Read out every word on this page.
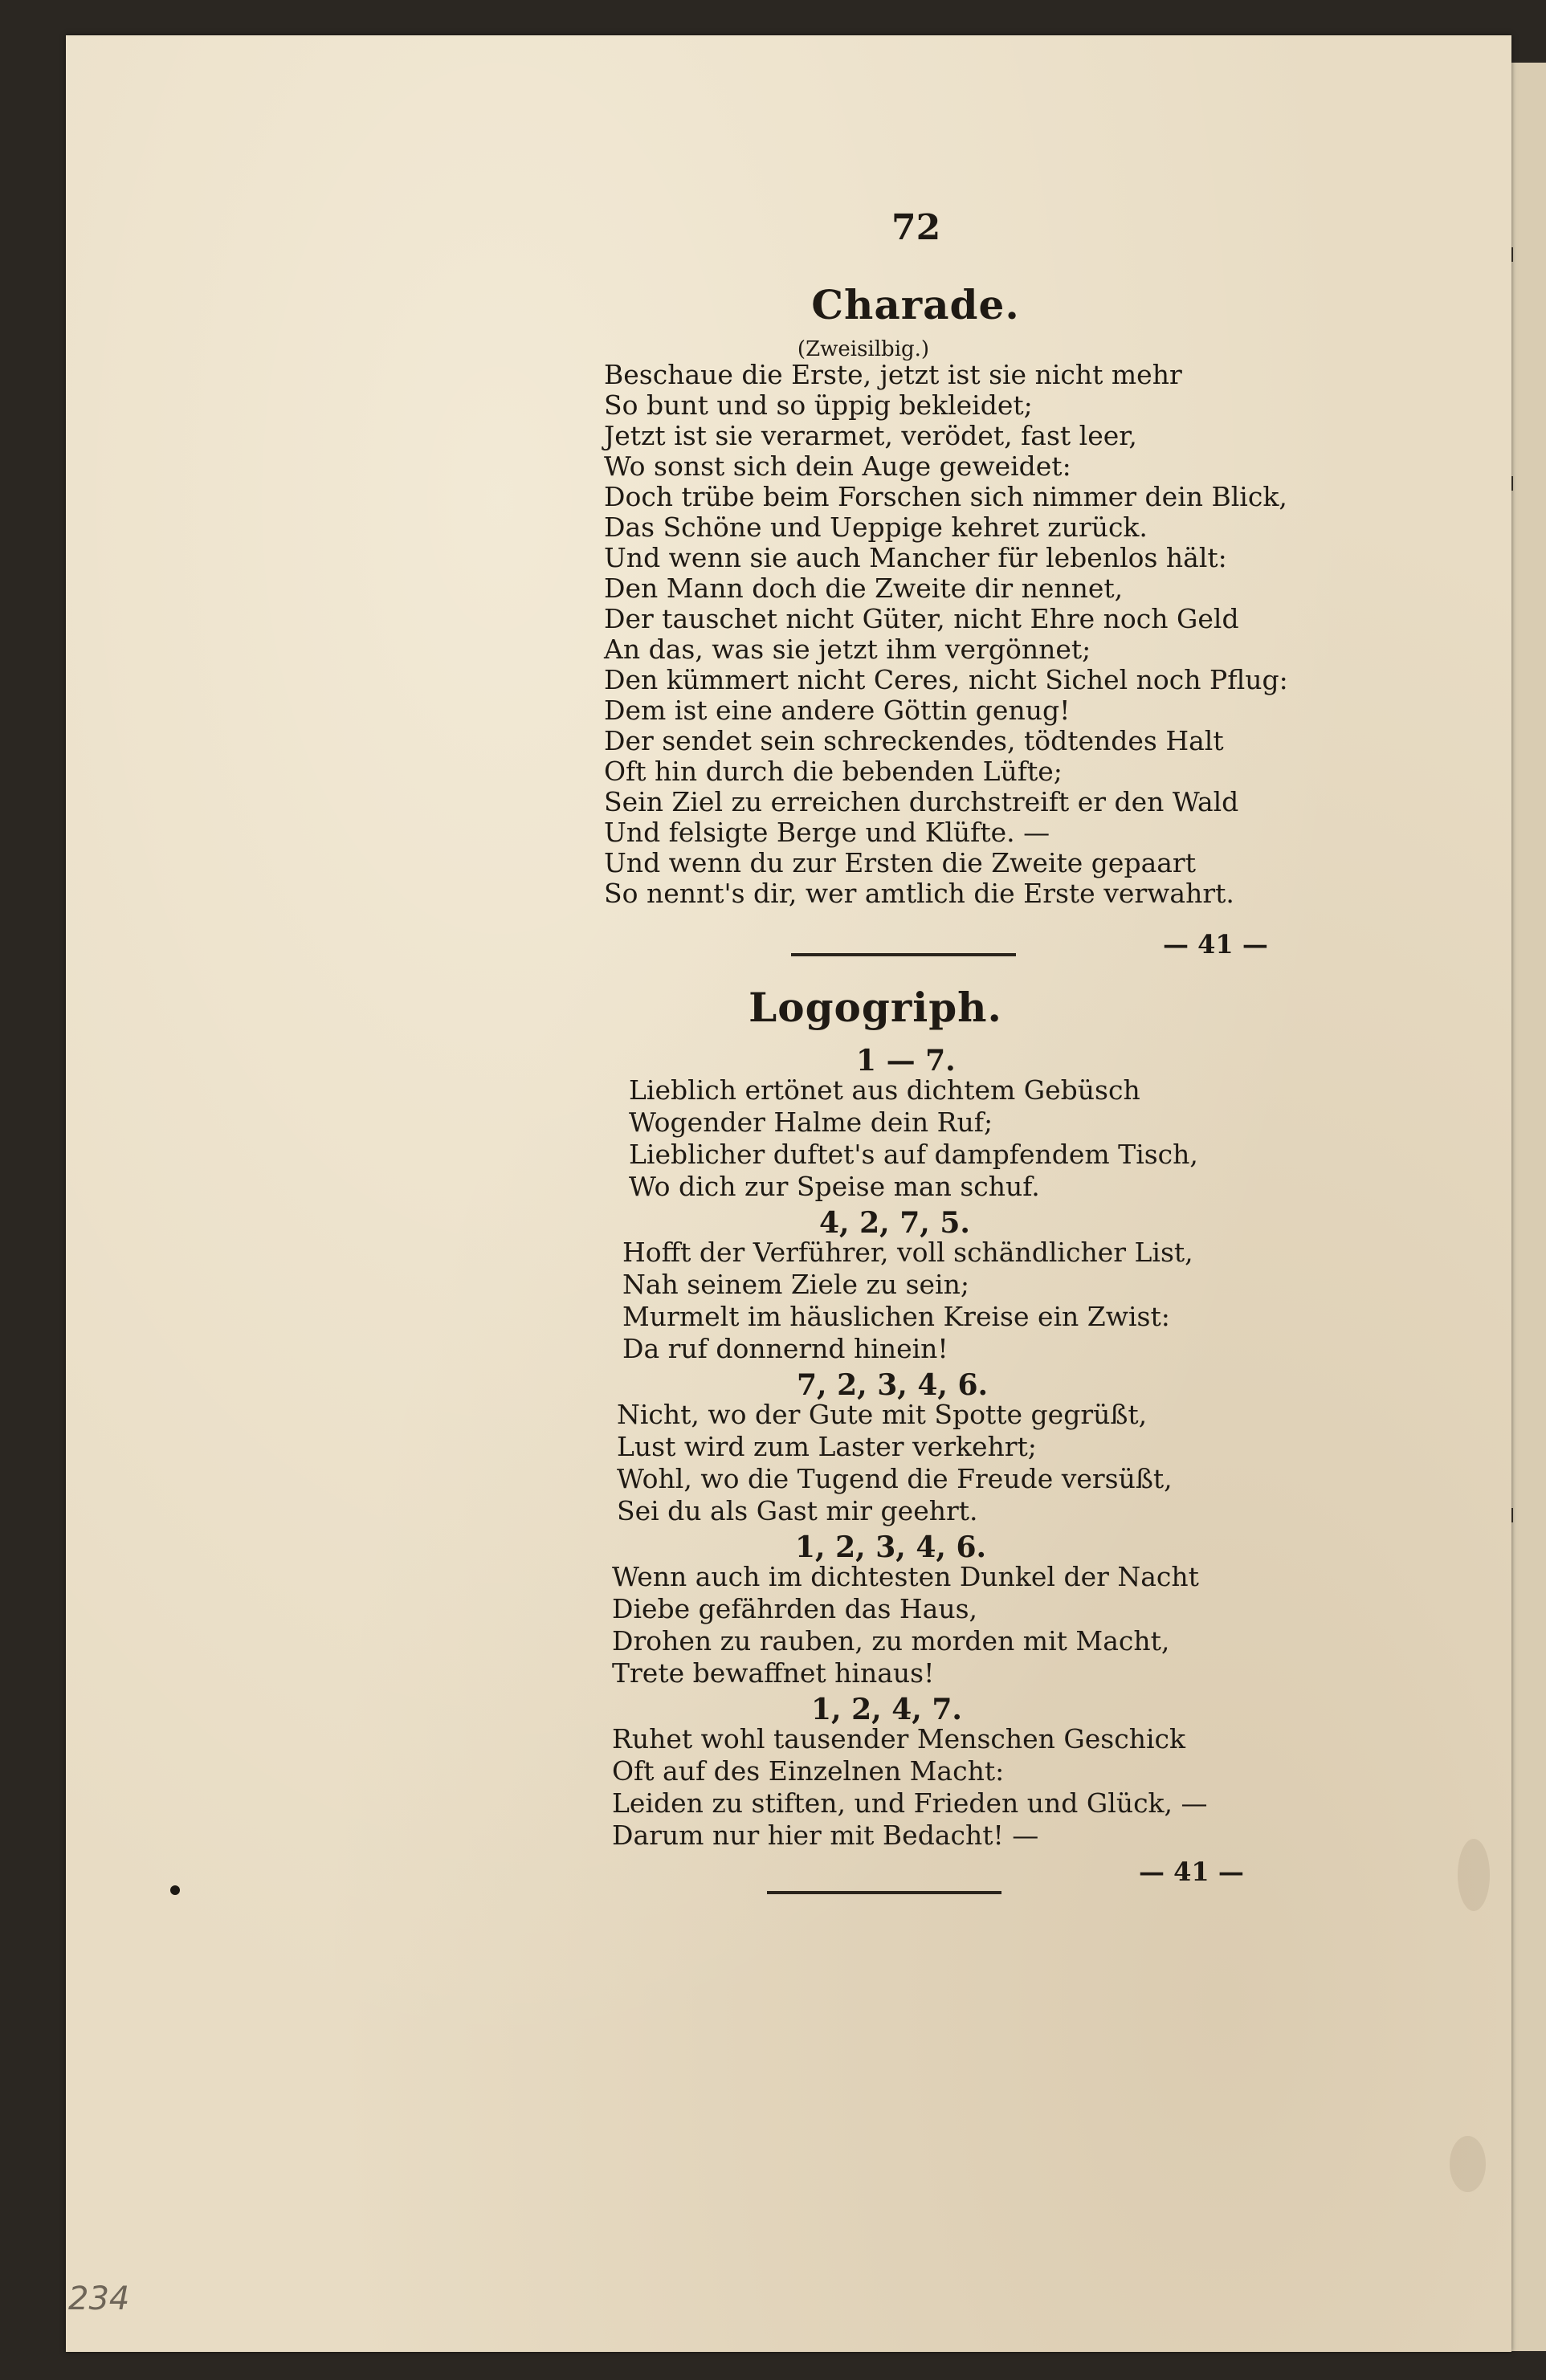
72
Charade.
(Zweisilbig.)
Beschaue die Erste, jetzt ist sie nicht mehr
So bunt und so üppig bekleidet;
Jetzt ist sie verarmet, verödet, fast leer,
Wo sonst sich dein Auge geweidet:
Doch trübe beim Forschen sich nimmer dein Blick,
Das Schöne und Ueppige kehret zurück.
Und wenn sie auch Mancher für lebenlos hält:
Den Mann doch die Zweite dir nennet,
Der tauschet nicht Güter, nicht Ehre noch Geld
An das, was sie jetzt ihm vergönnet;
Den kümmert nicht Ceres, nicht Sichel noch Pflug:
Dem ist eine andere Göttin genug!
Der sendet sein schreckendes, tödtendes Halt
Oft hin durch die bebenden Lüfte;
Sein Ziel zu erreichen durchstreift er den Wald
Und felsigte Berge und Klüfte. —
Und wenn du zur Ersten die Zweite gepaart
So nennt's dir, wer amtlich die Erste verwahrt.
— 41 —
Logogriph.
1 — 7.
Lieblich ertönet aus dichtem Gebüsch
Wogender Halme dein Ruf;
Lieblicher duftet's auf dampfendem Tisch,
Wo dich zur Speise man schuf.
4, 2, 7, 5.
Hofft der Verführer, voll schändlicher List,
Nah seinem Ziele zu sein;
Murmelt im häuslichen Kreise ein Zwist:
Da ruf donnernd hinein!
7, 2, 3, 4, 6.
Nicht, wo der Gute mit Spotte gegrüßt,
Lust wird zum Laster verkehrt;
Wohl, wo die Tugend die Freude versüßt,
Sei du als Gast mir geehrt.
1, 2, 3, 4, 6.
Wenn auch im dichtesten Dunkel der Nacht
Diebe gefährden das Haus,
Drohen zu rauben, zu morden mit Macht,
Trete bewaffnet hinaus!
1, 2, 4, 7.
Ruhet wohl tausender Menschen Geschick
Oft auf des Einzelnen Macht:
Leiden zu stiften, und Frieden und Glück, —
Darum nur hier mit Bedacht! —
— 41 —
234
